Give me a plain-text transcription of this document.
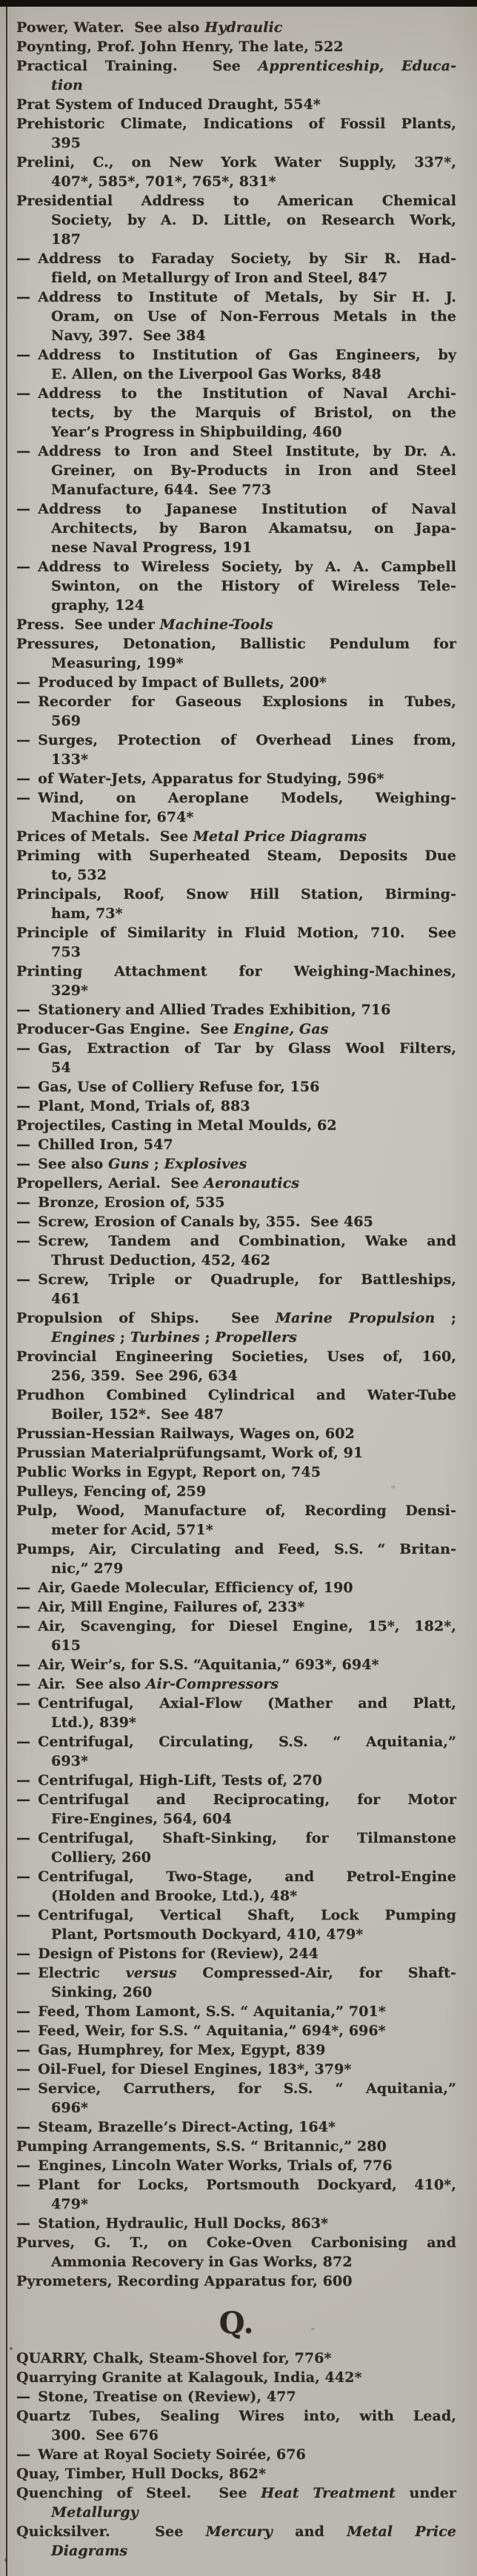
Power, Water.  See also Hydraulic
Poynting, Prof. John Henry, The late, 522
Practical Training.  See Apprenticeship, Educa-
tion
Prat System of Induced Draught, 554*
Prehistoric Climate, Indications of Fossil Plants,
395
Prelini, C., on New York Water Supply, 337*,
407*, 585*, 701*, 765*, 831*
Presidential Address to American Chemical
Society, by A. D. Little, on Research Work,
187
— Address to Faraday Society, by Sir R. Had-
field, on Metallurgy of Iron and Steel, 847
— Address to Institute of Metals, by Sir H. J.
Oram, on Use of Non-Ferrous Metals in the
Navy, 397.  See 384
— Address to Institution of Gas Engineers, by
E. Allen, on the Liverpool Gas Works, 848
— Address to the Institution of Naval Archi-
tects, by the Marquis of Bristol, on the
Year’s Progress in Shipbuilding, 460
— Address to Iron and Steel Institute, by Dr. A.
Greiner, on By-Products in Iron and Steel
Manufacture, 644.  See 773
— Address to Japanese Institution of Naval
Architects, by Baron Akamatsu, on Japa-
nese Naval Progress, 191
— Address to Wireless Society, by A. A. Campbell
Swinton, on the History of Wireless Tele-
graphy, 124
Press.  See under Machine-Tools
Pressures, Detonation, Ballistic Pendulum for
Measuring, 199*
— Produced by Impact of Bullets, 200*
— Recorder for Gaseous Explosions in Tubes,
569
— Surges, Protection of Overhead Lines from,
133*
— of Water-Jets, Apparatus for Studying, 596*
— Wind, on Aeroplane Models, Weighing-
Machine for, 674*
Prices of Metals.  See Metal Price Diagrams
Priming with Superheated Steam, Deposits Due
to, 532
Principals, Roof, Snow Hill Station, Birming-
ham, 73*
Principle of Similarity in Fluid Motion, 710.  See
753
Printing Attachment for Weighing-Machines,
329*
— Stationery and Allied Trades Exhibition, 716
Producer-Gas Engine.  See Engine, Gas
— Gas, Extraction of Tar by Glass Wool Filters,
54
— Gas, Use of Colliery Refuse for, 156
— Plant, Mond, Trials of, 883
Projectiles, Casting in Metal Moulds, 62
— Chilled Iron, 547
— See also Guns ; Explosives
Propellers, Aerial.  See Aeronautics
— Bronze, Erosion of, 535
— Screw, Erosion of Canals by, 355.  See 465
— Screw, Tandem and Combination, Wake and
Thrust Deduction, 452, 462
— Screw, Triple or Quadruple, for Battleships,
461
Propulsion of Ships.  See Marine Propulsion ;
Engines ; Turbines ; Propellers
Provincial Engineering Societies, Uses of, 160,
256, 359.  See 296, 634
Prudhon Combined Cylindrical and Water-Tube
Boiler, 152*.  See 487
Prussian-Hessian Railways, Wages on, 602
Prussian Materialprüfungsamt, Work of, 91
Public Works in Egypt, Report on, 745
Pulleys, Fencing of, 259
Pulp, Wood, Manufacture of, Recording Densi-
meter for Acid, 571*
Pumps, Air, Circulating and Feed, S.S. “ Britan-
nic,” 279
— Air, Gaede Molecular, Efficiency of, 190
— Air, Mill Engine, Failures of, 233*
— Air, Scavenging, for Diesel Engine, 15*, 182*,
615
— Air, Weir’s, for S.S. “Aquitania,” 693*, 694*
— Air.  See also Air-Compressors
— Centrifugal, Axial-Flow (Mather and Platt,
Ltd.), 839*
— Centrifugal, Circulating, S.S. “ Aquitania,”
693*
— Centrifugal, High-Lift, Tests of, 270
— Centrifugal and Reciprocating, for Motor
Fire-Engines, 564, 604
— Centrifugal, Shaft-Sinking, for Tilmanstone
Colliery, 260
— Centrifugal, Two-Stage, and Petrol-Engine
(Holden and Brooke, Ltd.), 48*
— Centrifugal, Vertical Shaft, Lock Pumping
Plant, Portsmouth Dockyard, 410, 479*
— Design of Pistons for (Review), 244
— Electric versus Compressed-Air, for Shaft-
Sinking, 260
— Feed, Thom Lamont, S.S. “ Aquitania,” 701*
— Feed, Weir, for S.S. “ Aquitania,” 694*, 696*
— Gas, Humphrey, for Mex, Egypt, 839
— Oil-Fuel, for Diesel Engines, 183*, 379*
— Service, Carruthers, for S.S. “ Aquitania,”
696*
— Steam, Brazelle’s Direct-Acting, 164*
Pumping Arrangements, S.S. “ Britannic,” 280
— Engines, Lincoln Water Works, Trials of, 776
— Plant for Locks, Portsmouth Dockyard, 410*,
479*
— Station, Hydraulic, Hull Docks, 863*
Purves, G. T., on Coke-Oven Carbonising and
Ammonia Recovery in Gas Works, 872
Pyrometers, Recording Apparatus for, 600
Q.
QUARRY, Chalk, Steam-Shovel for, 776*
Quarrying Granite at Kalagouk, India, 442*
— Stone, Treatise on (Review), 477
Quartz Tubes, Sealing Wires into, with Lead,
300.  See 676
— Ware at Royal Society Soirée, 676
Quay, Timber, Hull Docks, 862*
Quenching of Steel.  See Heat Treatment under
Metallurgy
Quicksilver.  See Mercury and Metal Price
Diagrams
